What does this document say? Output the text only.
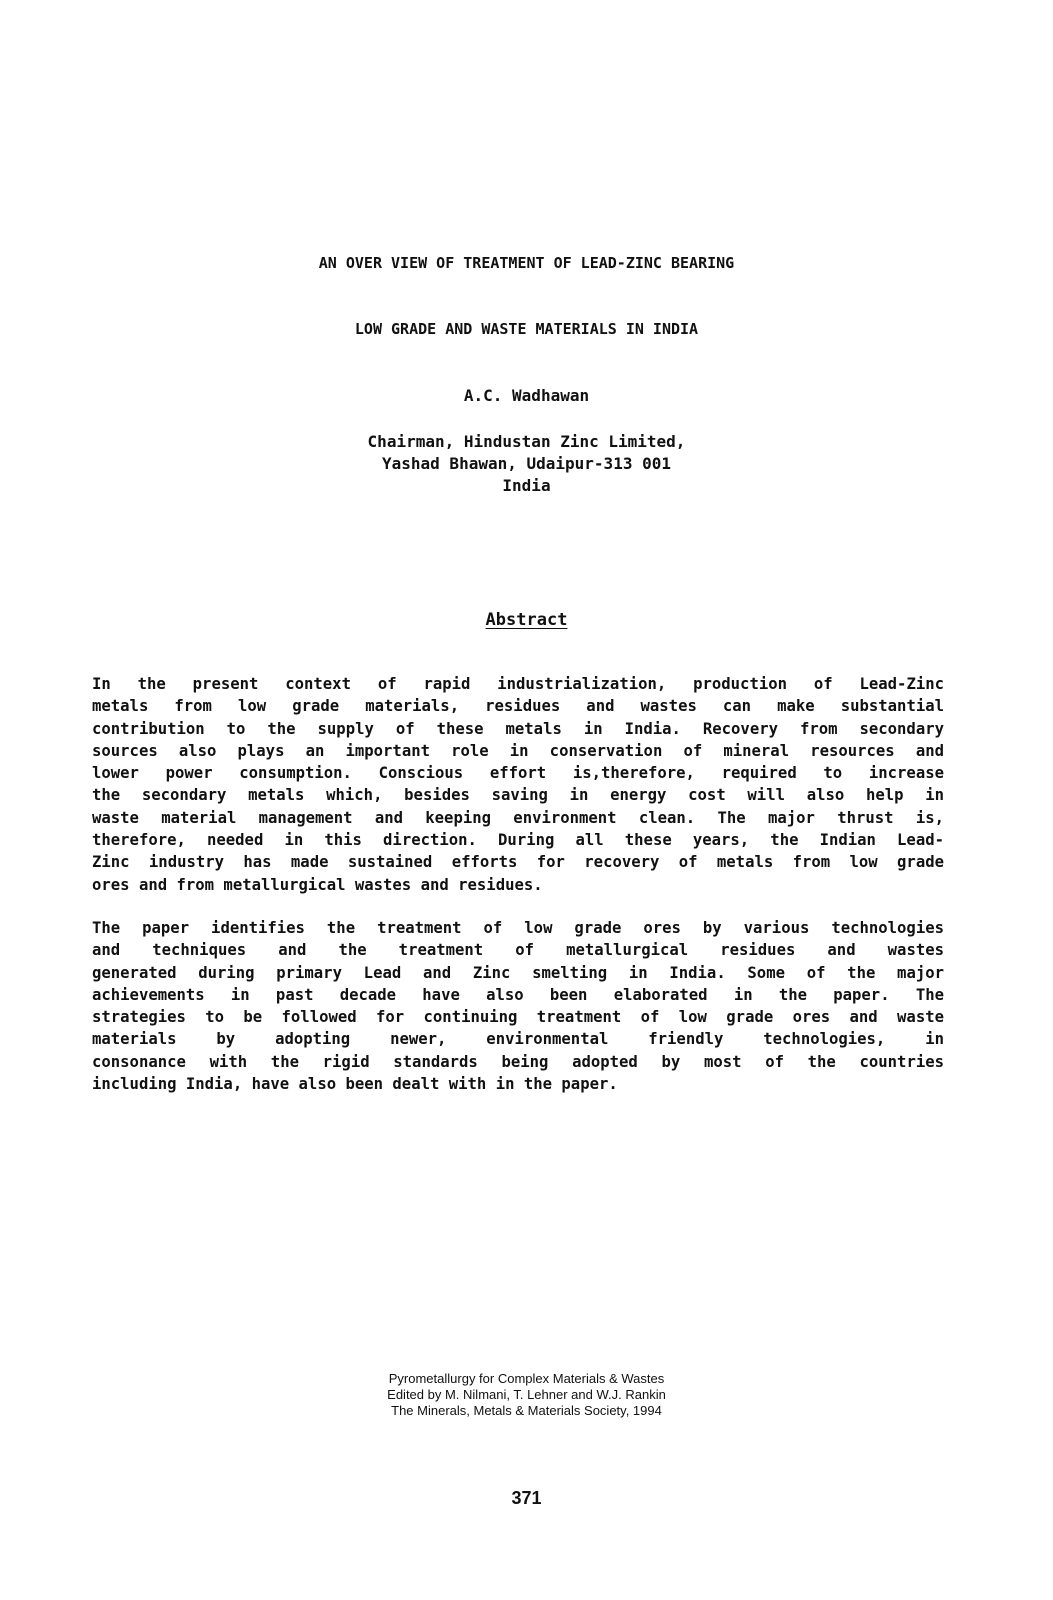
AN OVER VIEW OF TREATMENT OF LEAD-ZINC BEARING
LOW GRADE AND WASTE MATERIALS IN INDIA
A.C. Wadhawan
Chairman, Hindustan Zinc Limited,
Yashad Bhawan, Udaipur-313 001
India
Abstract
In the present context of rapid industrialization, production of Lead-Zinc
metals from low grade materials, residues and wastes can make substantial
contribution to the supply of these metals in India. Recovery from secondary
sources also plays an important role in conservation of mineral resources and
lower power consumption. Conscious effort is,therefore, required to increase
the secondary metals which, besides saving in energy cost will also help in
waste material management and keeping environment clean. The major thrust is,
therefore, needed in this direction. During all these years, the Indian Lead-
Zinc industry has made sustained efforts for recovery of metals from low grade
ores and from metallurgical wastes and residues.
The paper identifies the treatment of low grade ores by various technologies
and techniques and the treatment of metallurgical residues and wastes
generated during primary Lead and Zinc smelting in India. Some of the major
achievements in past decade have also been elaborated in the paper. The
strategies to be followed for continuing treatment of low grade ores and waste
materials by adopting newer, environmental friendly technologies, in
consonance with the rigid standards being adopted by most of the countries
including India, have also been dealt with in the paper.
Pyrometallurgy for Complex Materials & Wastes
Edited by M. Nilmani, T. Lehner and W.J. Rankin
The Minerals, Metals & Materials Society, 1994
371
